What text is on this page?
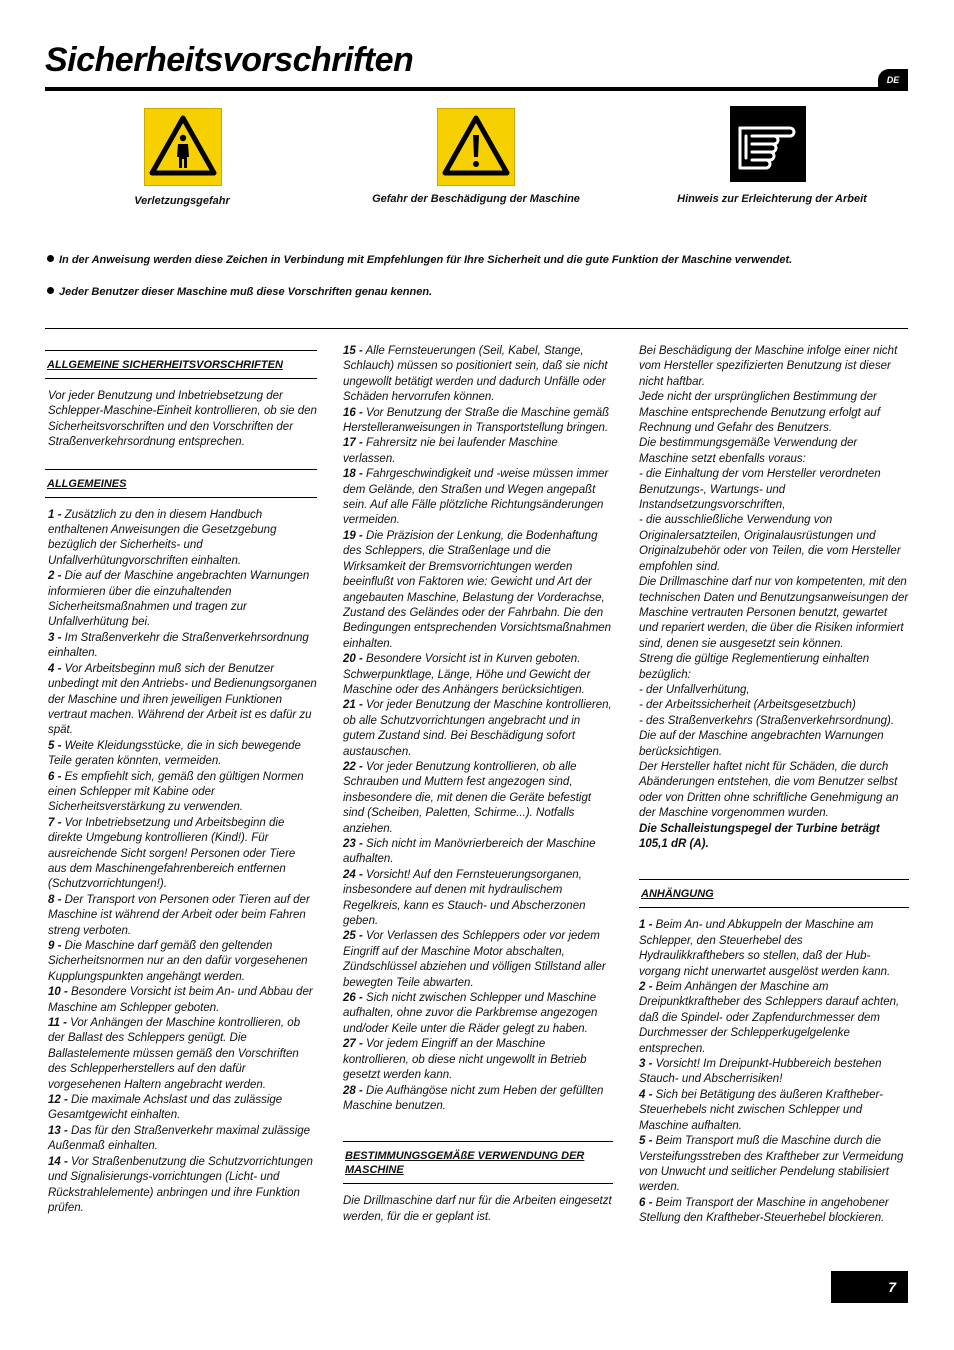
Sicherheitsvorschriften
DE
Verletzungsgefahr	Gefahr der Beschädigung der Maschine	Hinweis zur Erleichterung der Arbeit
In der Anweisung werden diese Zeichen in Verbindung mit Empfehlungen für Ihre Sicherheit und die gute Funktion der Maschine verwendet.
Jeder Benutzer dieser Maschine muß diese Vorschriften genau kennen.
ALLGEMEINE SICHERHEITSVORSCHRIFTEN

Vor jeder Benutzung und Inbetriebsetzung der Schlepper-Maschine-Einheit kontrollieren, ob sie den Sicherheitsvorschriften und den Vorschriften der Straßenverkehrsordnung entsprechen.

ALLGEMEINES

1 - Zusätzlich zu den in diesem Handbuch enthaltenen Anweisungen die Gesetzgebung bezüglich der Sicherheits- und Unfallverhütungvorschriften einhalten.

2 - Die auf der Maschine angebrachten Warnungen informieren über die einzuhaltenden Sicherheitsmaßnahmen und tragen zur Unfallverhütung bei.

3 - Im Straßenverkehr die Straßenverkehrsordnung einhalten.

4 - Vor Arbeitsbeginn muß sich der Benutzer unbedingt mit den Antriebs- und Bedienungsorganen der Maschine und ihren jeweiligen Funktionen vertraut machen. Während der Arbeit ist es dafür zu spät.

5 - Weite Kleidungsstücke, die in sich bewegende Teile geraten könnten, vermeiden.

6 - Es empfiehlt sich, gemäß den gültigen Normen einen Schlepper mit Kabine oder Sicherheitsverstärkung zu verwenden.

7 - Vor Inbetriebsetzung und Arbeitsbeginn die direkte Umgebung kontrollieren (Kind!). Für ausreichende Sicht sorgen! Personen oder Tiere aus dem Maschinengefahrenbereich entfernen (Schutzvorrichtungen!).

8 - Der Transport von Personen oder Tieren auf der Maschine ist während der Arbeit oder beim Fahren streng verboten.

9 - Die Maschine darf gemäß den geltenden Sicherheitsnormen nur an den dafür vorgesehenen Kupplungspunkten angehängt werden.

10 - Besondere Vorsicht ist beim An- und Abbau der Maschine am Schlepper geboten.

11 - Vor Anhängen der Maschine kontrollieren, ob der Ballast des Schleppers genügt. Die Ballastelemente müssen gemäß den Vorschriften des Schlepperherstellers auf den dafür vorgesehenen Haltern angebracht werden.

12 - Die maximale Achslast und das zulässige Gesamtgewicht einhalten.

13 - Das für den Straßenverkehr maximal zulässige Außenmaß einhalten.

14 - Vor Straßenbenutzung die Schutzvorrichtungen und Signalisierungs-vorrichtungen (Licht- und Rückstrahlelemente) anbringen und ihre Funktion prüfen.

15 - Alle Fernsteuerungen (Seil, Kabel, Stange, Schlauch) müssen so positioniert sein, daß sie nicht ungewollt betätigt werden und dadurch Unfälle oder Schäden hervorrufen können.

16 - Vor Benutzung der Straße die Maschine gemäß Herstelleranweisungen in Transportstellung bringen.

17 - Fahrersitz nie bei laufender Maschine verlassen.

18 - Fahrgeschwindigkeit und -weise müssen immer dem Gelände, den Straßen und Wegen angepaßt sein. Auf alle Fälle plötzliche Richtungsänderungen vermeiden.

19 - Die Präzision der Lenkung, die Bodenhaftung des Schleppers, die Straßenlage und die Wirksamkeit der Bremsvorrichtungen werden beeinflußt von Faktoren wie: Gewicht und Art der angebauten Maschine, Belastung der Vorderachse, Zustand des Geländes oder der Fahrbahn. Die den Bedingungen entsprechenden Vorsichtsmaßnahmen einhalten.

20 - Besondere Vorsicht ist in Kurven geboten. Schwerpunktlage, Länge, Höhe und Gewicht der Maschine oder des Anhängers berücksichtigen.

21 - Vor jeder Benutzung der Maschine kontrollieren, ob alle Schutzvorrichtungen angebracht und in gutem Zustand sind. Bei Beschädigung sofort austauschen.

22 - Vor jeder Benutzung kontrollieren, ob alle Schrauben und Muttern fest angezogen sind, insbesondere die, mit denen die Geräte befestigt sind (Scheiben, Paletten, Schirme...). Notfalls anziehen.

23 - Sich nicht im Manövrierbereich der Maschine aufhalten.

24 - Vorsicht! Auf den Fernsteuerungsorganen, insbesondere auf denen mit hydraulischem Regelkreis, kann es Stauch- und Abscherzonen geben.

25 - Vor Verlassen des Schleppers oder vor jedem Eingriff auf der Maschine Motor abschalten, Zündschlüssel abziehen und völligen Stillstand aller bewegten Teile abwarten.

26 - Sich nicht zwischen Schlepper und Maschine aufhalten, ohne zuvor die Parkbremse angezogen und/oder Keile unter die Räder gelegt zu haben.

27 - Vor jedem Eingriff an der Maschine kontrollieren, ob diese nicht ungewollt in Betrieb gesetzt werden kann.

28 - Die Aufhängöse nicht zum Heben der gefüllten Maschine benutzen.

BESTIMMUNGSGEMÄßE VERWENDUNG DER MASCHINE

Die Drillmaschine darf nur für die Arbeiten eingesetzt werden, für die er geplant ist.

Bei Beschädigung der Maschine infolge einer nicht vom Hersteller spezifizierten Benutzung ist dieser nicht haftbar.

Jede nicht der ursprünglichen Bestimmung der Maschine entsprechende Benutzung erfolgt auf Rechnung und Gefahr des Benutzers.

Die bestimmungsgemäße Verwendung der Maschine setzt ebenfalls voraus:

- die Einhaltung der vom Hersteller verordneten Benutzungs-, Wartungs- und Instandsetzungsvorschriften,

- die ausschließliche Verwendung von Originalersatzteilen, Originalausrüstungen und Originalzubehör oder von Teilen, die vom Hersteller empfohlen sind.

Die Drillmaschine darf nur von kompetenten, mit den technischen Daten und Benutzungsanweisungen der Maschine vertrauten Personen benutzt, gewartet und repariert werden, die über die Risiken informiert sind, denen sie ausgesetzt sein können.

Streng die gültige Reglementierung einhalten bezüglich:

- der Unfallverhütung,

- der Arbeitssicherheit (Arbeitsgesetzbuch)

- des Straßenverkehrs (Straßenverkehrsordnung).

Die auf der Maschine angebrachten Warnungen berücksichtigen.

Der Hersteller haftet nicht für Schäden, die durch Abänderungen entstehen, die vom Benutzer selbst oder von Dritten ohne schriftliche Genehmigung an der Maschine vorgenommen wurden.

Die Schalleistungspegel der Turbine beträgt 105,1 dR (A).

ANHÄNGUNG

1 - Beim An- und Abkuppeln der Maschine am Schlepper, den Steuerhebel des Hydraulikkrafthebers so stellen, daß der Hub-vorgang nicht unerwartet ausgelöst werden kann.

2 - Beim Anhängen der Maschine am Dreipunktkraftheber des Schleppers darauf achten, daß die Spindel- oder Zapfendurchmesser dem Durchmesser der Schlepperkugelgelenke entsprechen.

3 - Vorsicht! Im Dreipunkt-Hubbereich bestehen Stauch- und Abscherrisiken!

4 - Sich bei Betätigung des äußeren Kraftheber-Steuerhebels nicht zwischen Schlepper und Maschine aufhalten.

5 - Beim Transport muß die Maschine durch die Versteifungsstreben des Kraftheber zur Vermeidung von Unwucht und seitlicher Pendelung stabilisiert werden.

6 - Beim Transport der Maschine in angehobener Stellung den Kraftheber-Steuerhebel blockieren.

7
